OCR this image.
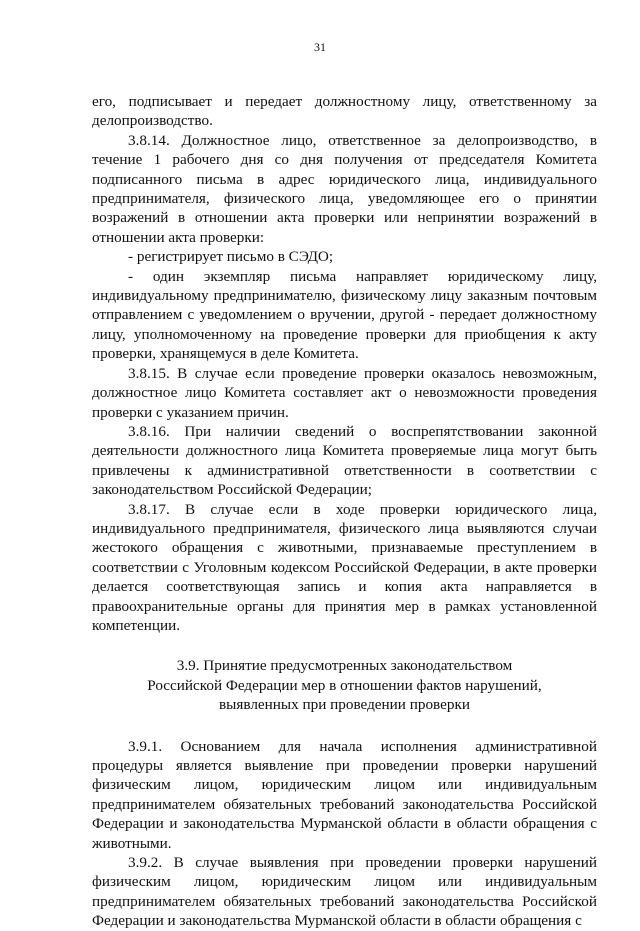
31

его, подписывает и передает должностному лицу, ответственному за делопроизводство.

3.8.14. Должностное лицо, ответственное за делопроизводство, в течение 1 рабочего дня со дня получения от председателя Комитета подписанного письма в адрес юридического лица, индивидуального предпринимателя, физического лица, уведомляющее его о принятии возражений в отношении акта проверки или непринятии возражений в отношении акта проверки:

- регистрирует письмо в СЭДО;

- один экземпляр письма направляет юридическому лицу, индивидуальному предпринимателю, физическому лицу заказным почтовым отправлением с уведомлением о вручении, другой - передает должностному лицу, уполномоченному на проведение проверки для приобщения к акту проверки, хранящемуся в деле Комитета.

3.8.15. В случае если проведение проверки оказалось невозможным, должностное лицо Комитета составляет акт о невозможности проведения проверки с указанием причин.

3.8.16. При наличии сведений о воспрепятствовании законной деятельности должностного лица Комитета проверяемые лица могут быть привлечены к административной ответственности в соответствии с законодательством Российской Федерации;

3.8.17. В случае если в ходе проверки юридического лица, индивидуального предпринимателя, физического лица выявляются случаи жестокого обращения с животными, признаваемые преступлением в соответствии с Уголовным кодексом Российской Федерации, в акте проверки делается соответствующая запись и копия акта направляется в правоохранительные органы для принятия мер в рамках установленной компетенции.

3.9. Принятие предусмотренных законодательством
Российской Федерации мер в отношении фактов нарушений,
выявленных при проведении проверки

3.9.1. Основанием для начала исполнения административной процедуры является выявление при проведении проверки нарушений физическим лицом, юридическим лицом или индивидуальным предпринимателем обязательных требований законодательства Российской Федерации и законодательства Мурманской области в области обращения с животными.

3.9.2. В случае выявления при проведении проверки нарушений физическим лицом, юридическим лицом или индивидуальным предпринимателем обязательных требований законодательства Российской Федерации и законодательства Мурманской области в области обращения с
